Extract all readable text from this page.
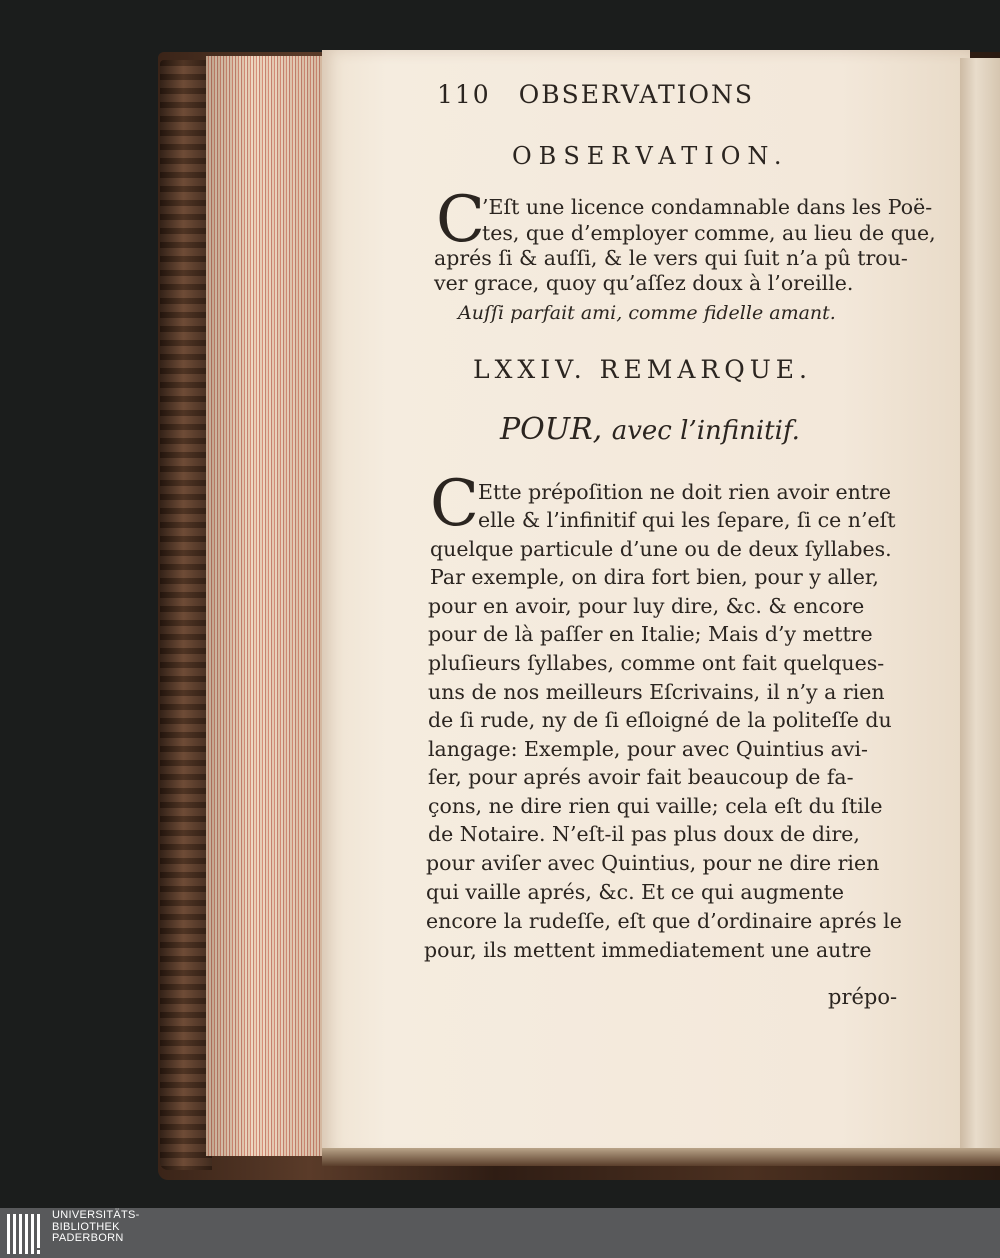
110 OBSERVATIONS
OBSERVATION.
C
’Eſt une licence condamnable dans les Poë-
tes, que d’employer comme, au lieu de que,
aprés ſi & auſſi, & le vers qui ſuit n’a pû trou-
ver grace, quoy qu’aſſez doux à l’oreille.
Auſſi parfait ami, comme fidelle amant.
LXXIV. REMARQUE.
POUR, avec l’infinitif.
C Ette prépoſition ne doit rien avoir entre
elle & l’infinitif qui les ſepare, ſi ce n’eſt
quelque particule d’une ou de deux ſyllabes.
Par exemple, on dira fort bien, pour y aller,
pour en avoir, pour luy dire, &c. & encore
pour de là paſſer en Italie; Mais d’y mettre
pluſieurs ſyllabes, comme ont fait quelques-
uns de nos meilleurs Eſcrivains, il n’y a rien
de ſi rude, ny de ſi eſloigné de la politeſſe du
langage: Exemple, pour avec Quintius avi-
ſer, pour aprés avoir fait beaucoup de fa-
çons, ne dire rien qui vaille; cela eſt du ſtile
de Notaire. N’eſt-il pas plus doux de dire,
pour aviſer avec Quintius, pour ne dire rien
qui vaille aprés, &c. Et ce qui augmente
encore la rudeſſe, eſt que d’ordinaire aprés le
pour, ils mettent immediatement une autre
prépo-
UNIVERSITÄTS-
BIBLIOTHEK
PADERBORN
